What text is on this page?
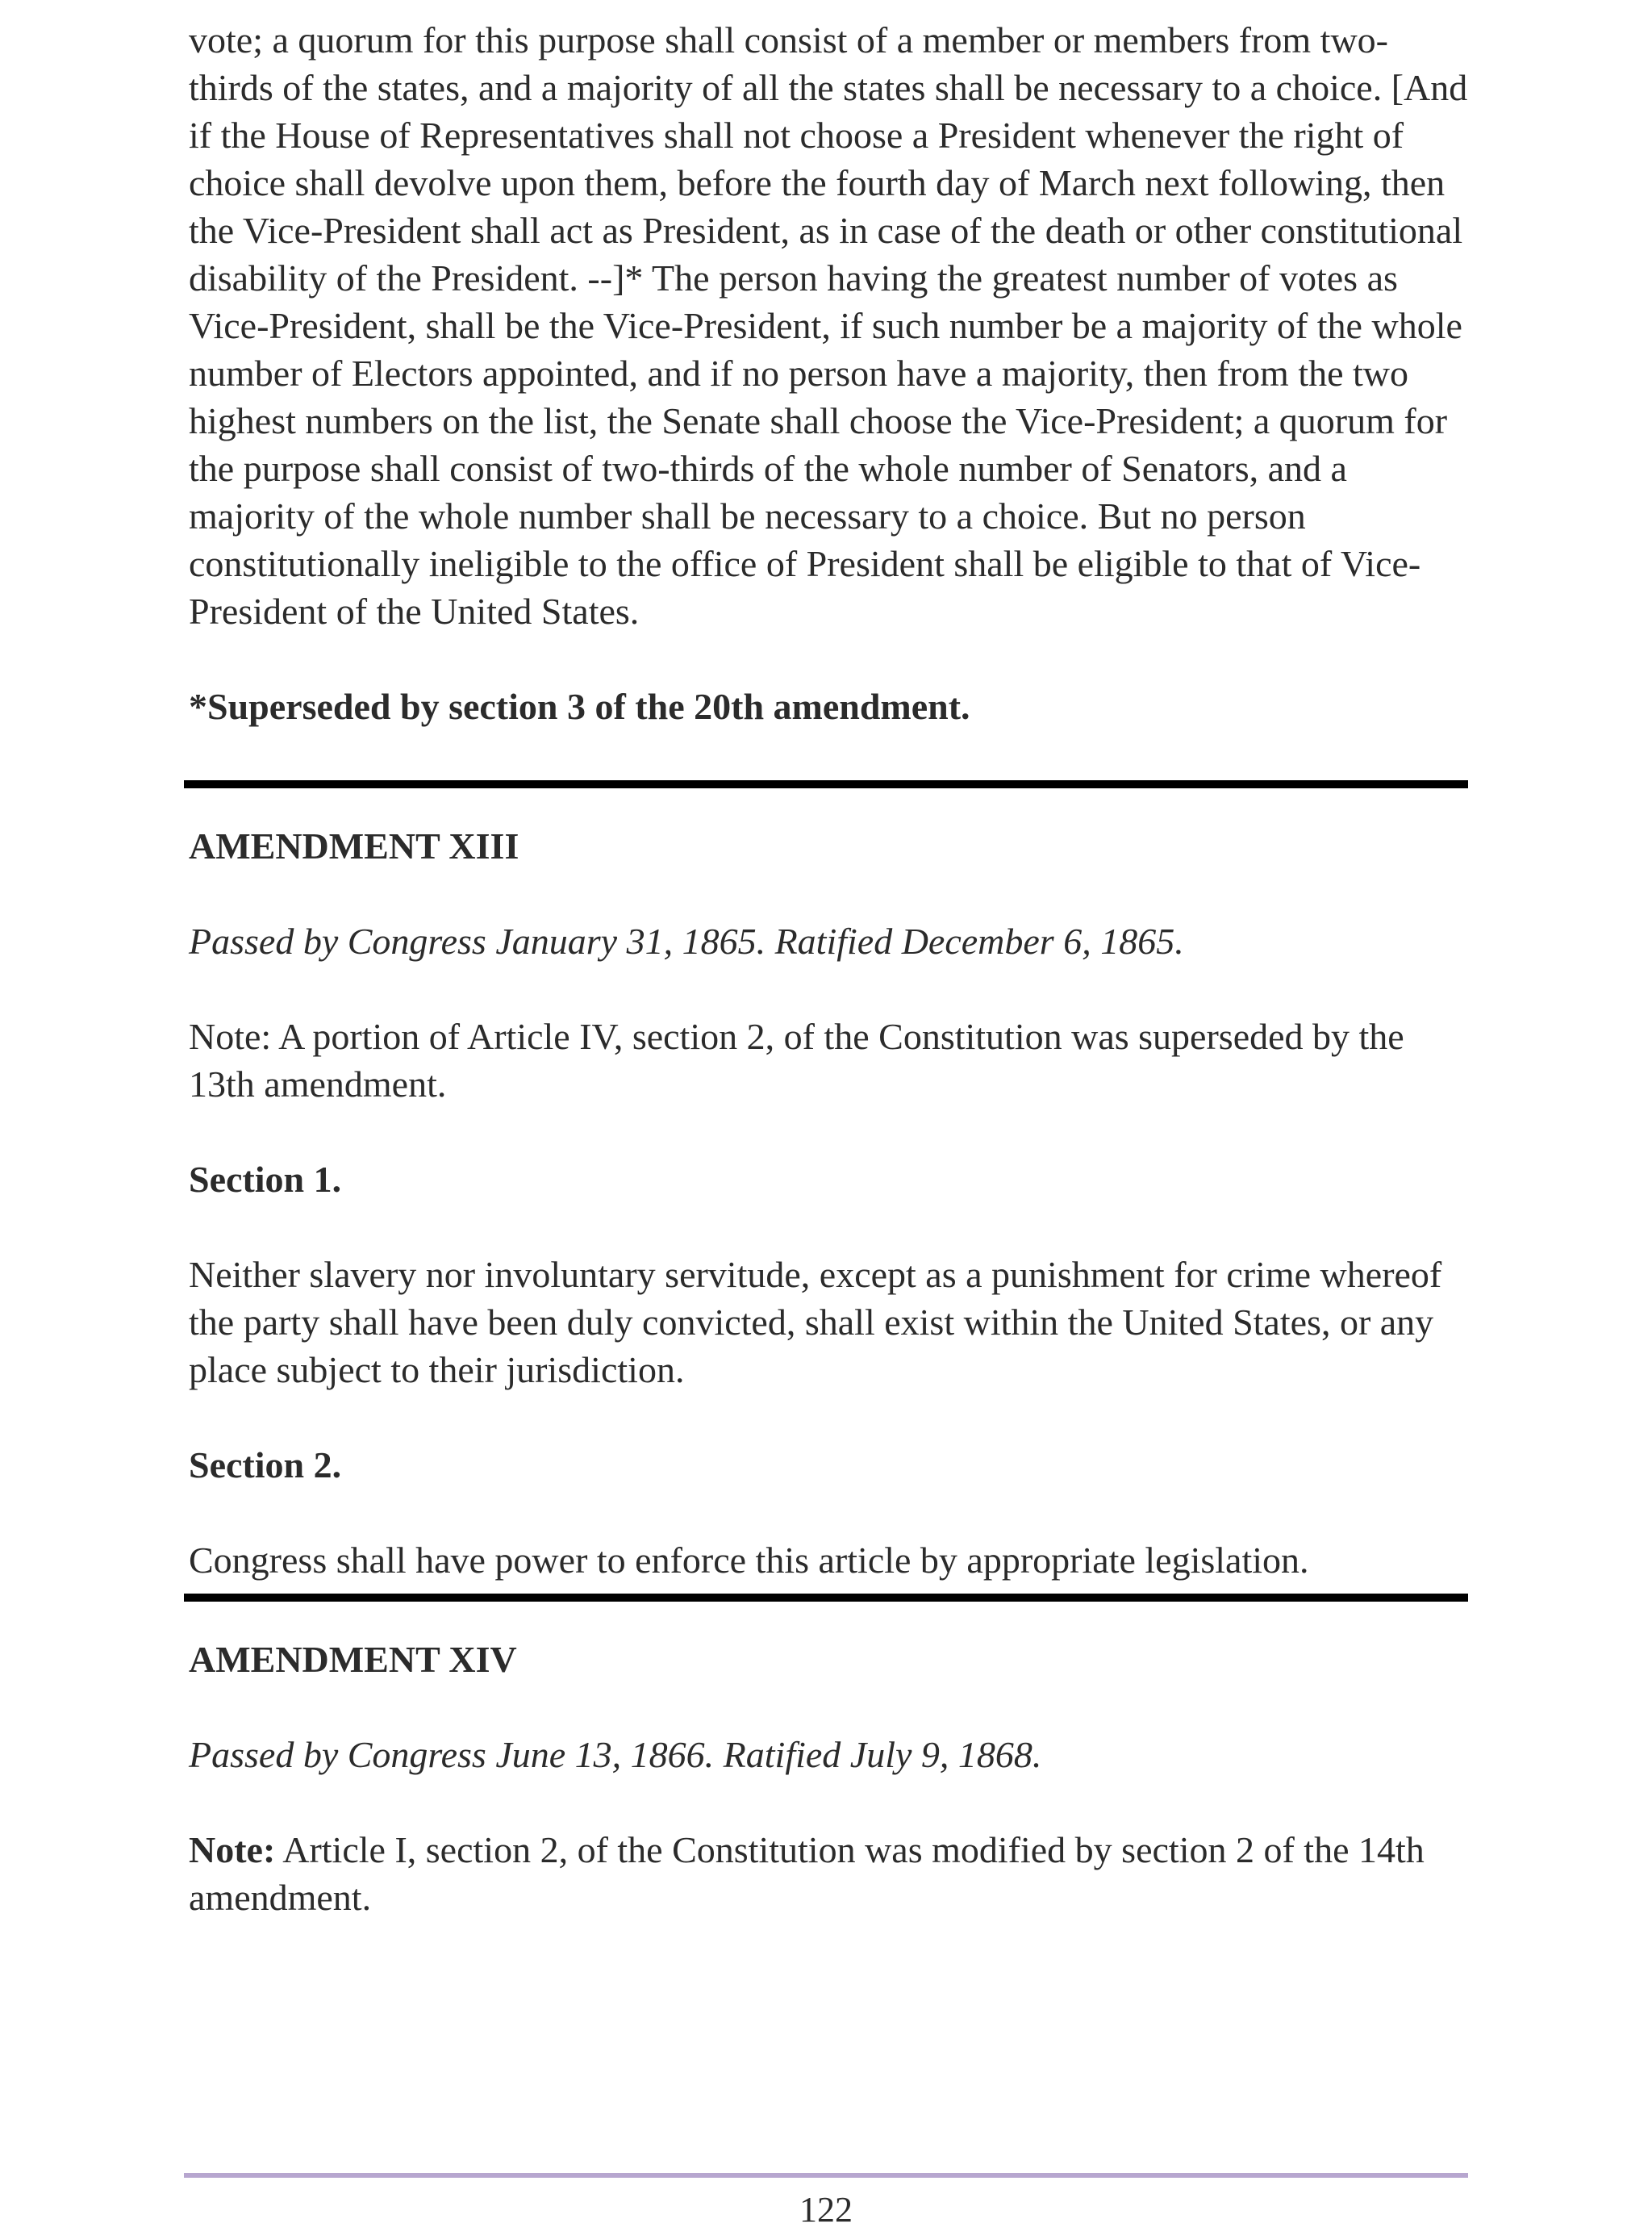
vote; a quorum for this purpose shall consist of a member or members from two-thirds of the states, and a majority of all the states shall be necessary to a choice. [And if the House of Representatives shall not choose a President whenever the right of choice shall devolve upon them, before the fourth day of March next following, then the Vice-President shall act as President, as in case of the death or other constitutional disability of the President. --]* The person having the greatest number of votes as Vice-President, shall be the Vice-President, if such number be a majority of the whole number of Electors appointed, and if no person have a majority, then from the two highest numbers on the list, the Senate shall choose the Vice-President; a quorum for the purpose shall consist of two-thirds of the whole number of Senators, and a majority of the whole number shall be necessary to a choice. But no person constitutionally ineligible to the office of President shall be eligible to that of Vice-President of the United States.

*Superseded by section 3 of the 20th amendment.

AMENDMENT XIII

Passed by Congress January 31, 1865. Ratified December 6, 1865.

Note: A portion of Article IV, section 2, of the Constitution was superseded by the 13th amendment.

Section 1.

Neither slavery nor involuntary servitude, except as a punishment for crime whereof the party shall have been duly convicted, shall exist within the United States, or any place subject to their jurisdiction.

Section 2.

Congress shall have power to enforce this article by appropriate legislation.

AMENDMENT XIV

Passed by Congress June 13, 1866. Ratified July 9, 1868.

Note: Article I, section 2, of the Constitution was modified by section 2 of the 14th amendment.

122
